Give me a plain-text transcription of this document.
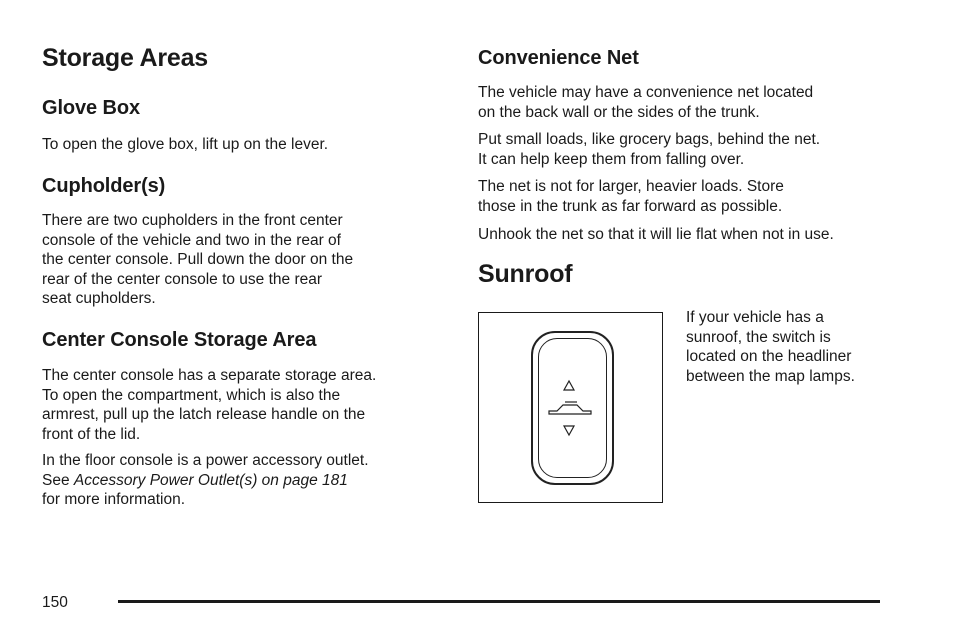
Storage Areas
Glove Box

To open the glove box, lift up on the lever.

Cupholder(s)

There are two cupholders in the front center
console of the vehicle and two in the rear of
the center console. Pull down the door on the
rear of the center console to use the rear
seat cupholders.

Center Console Storage Area

The center console has a separate storage area.
To open the compartment, which is also the
armrest, pull up the latch release handle on the
front of the lid.

In the floor console is a power accessory outlet.
See Accessory Power Outlet(s) on page 181
for more information.

Convenience Net

The vehicle may have a convenience net located
on the back wall or the sides of the trunk.

Put small loads, like grocery bags, behind the net.
It can help keep them from falling over.

The net is not for larger, heavier loads. Store
those in the trunk as far forward as possible.

Unhook the net so that it will lie flat when not in use.

Sunroof
If your vehicle has a
sunroof, the switch is
located on the headliner
between the map lamps.
150
